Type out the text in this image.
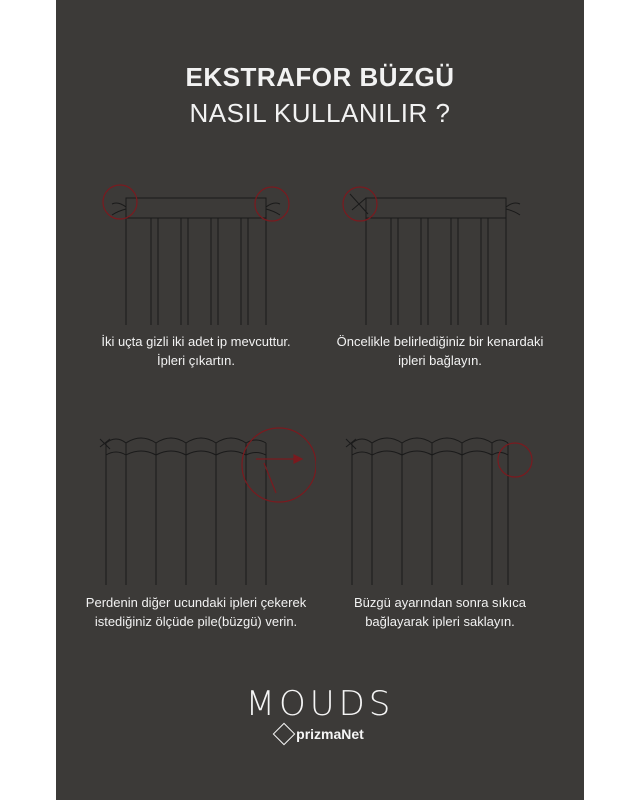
EKSTRAFOR BÜZGÜ
NASIL KULLANILIR ?
İki uçta gizli iki adet ip mevcuttur.
İpleri çıkartın.
Öncelikle belirlediğiniz bir kenardaki
ipleri bağlayın.
Perdenin diğer ucundaki ipleri çekerek
istediğiniz ölçüde pile(büzgü) verin.
Büzgü ayarından sonra sıkıca
bağlayarak ipleri saklayın.
MOUDS
prizmaNet
